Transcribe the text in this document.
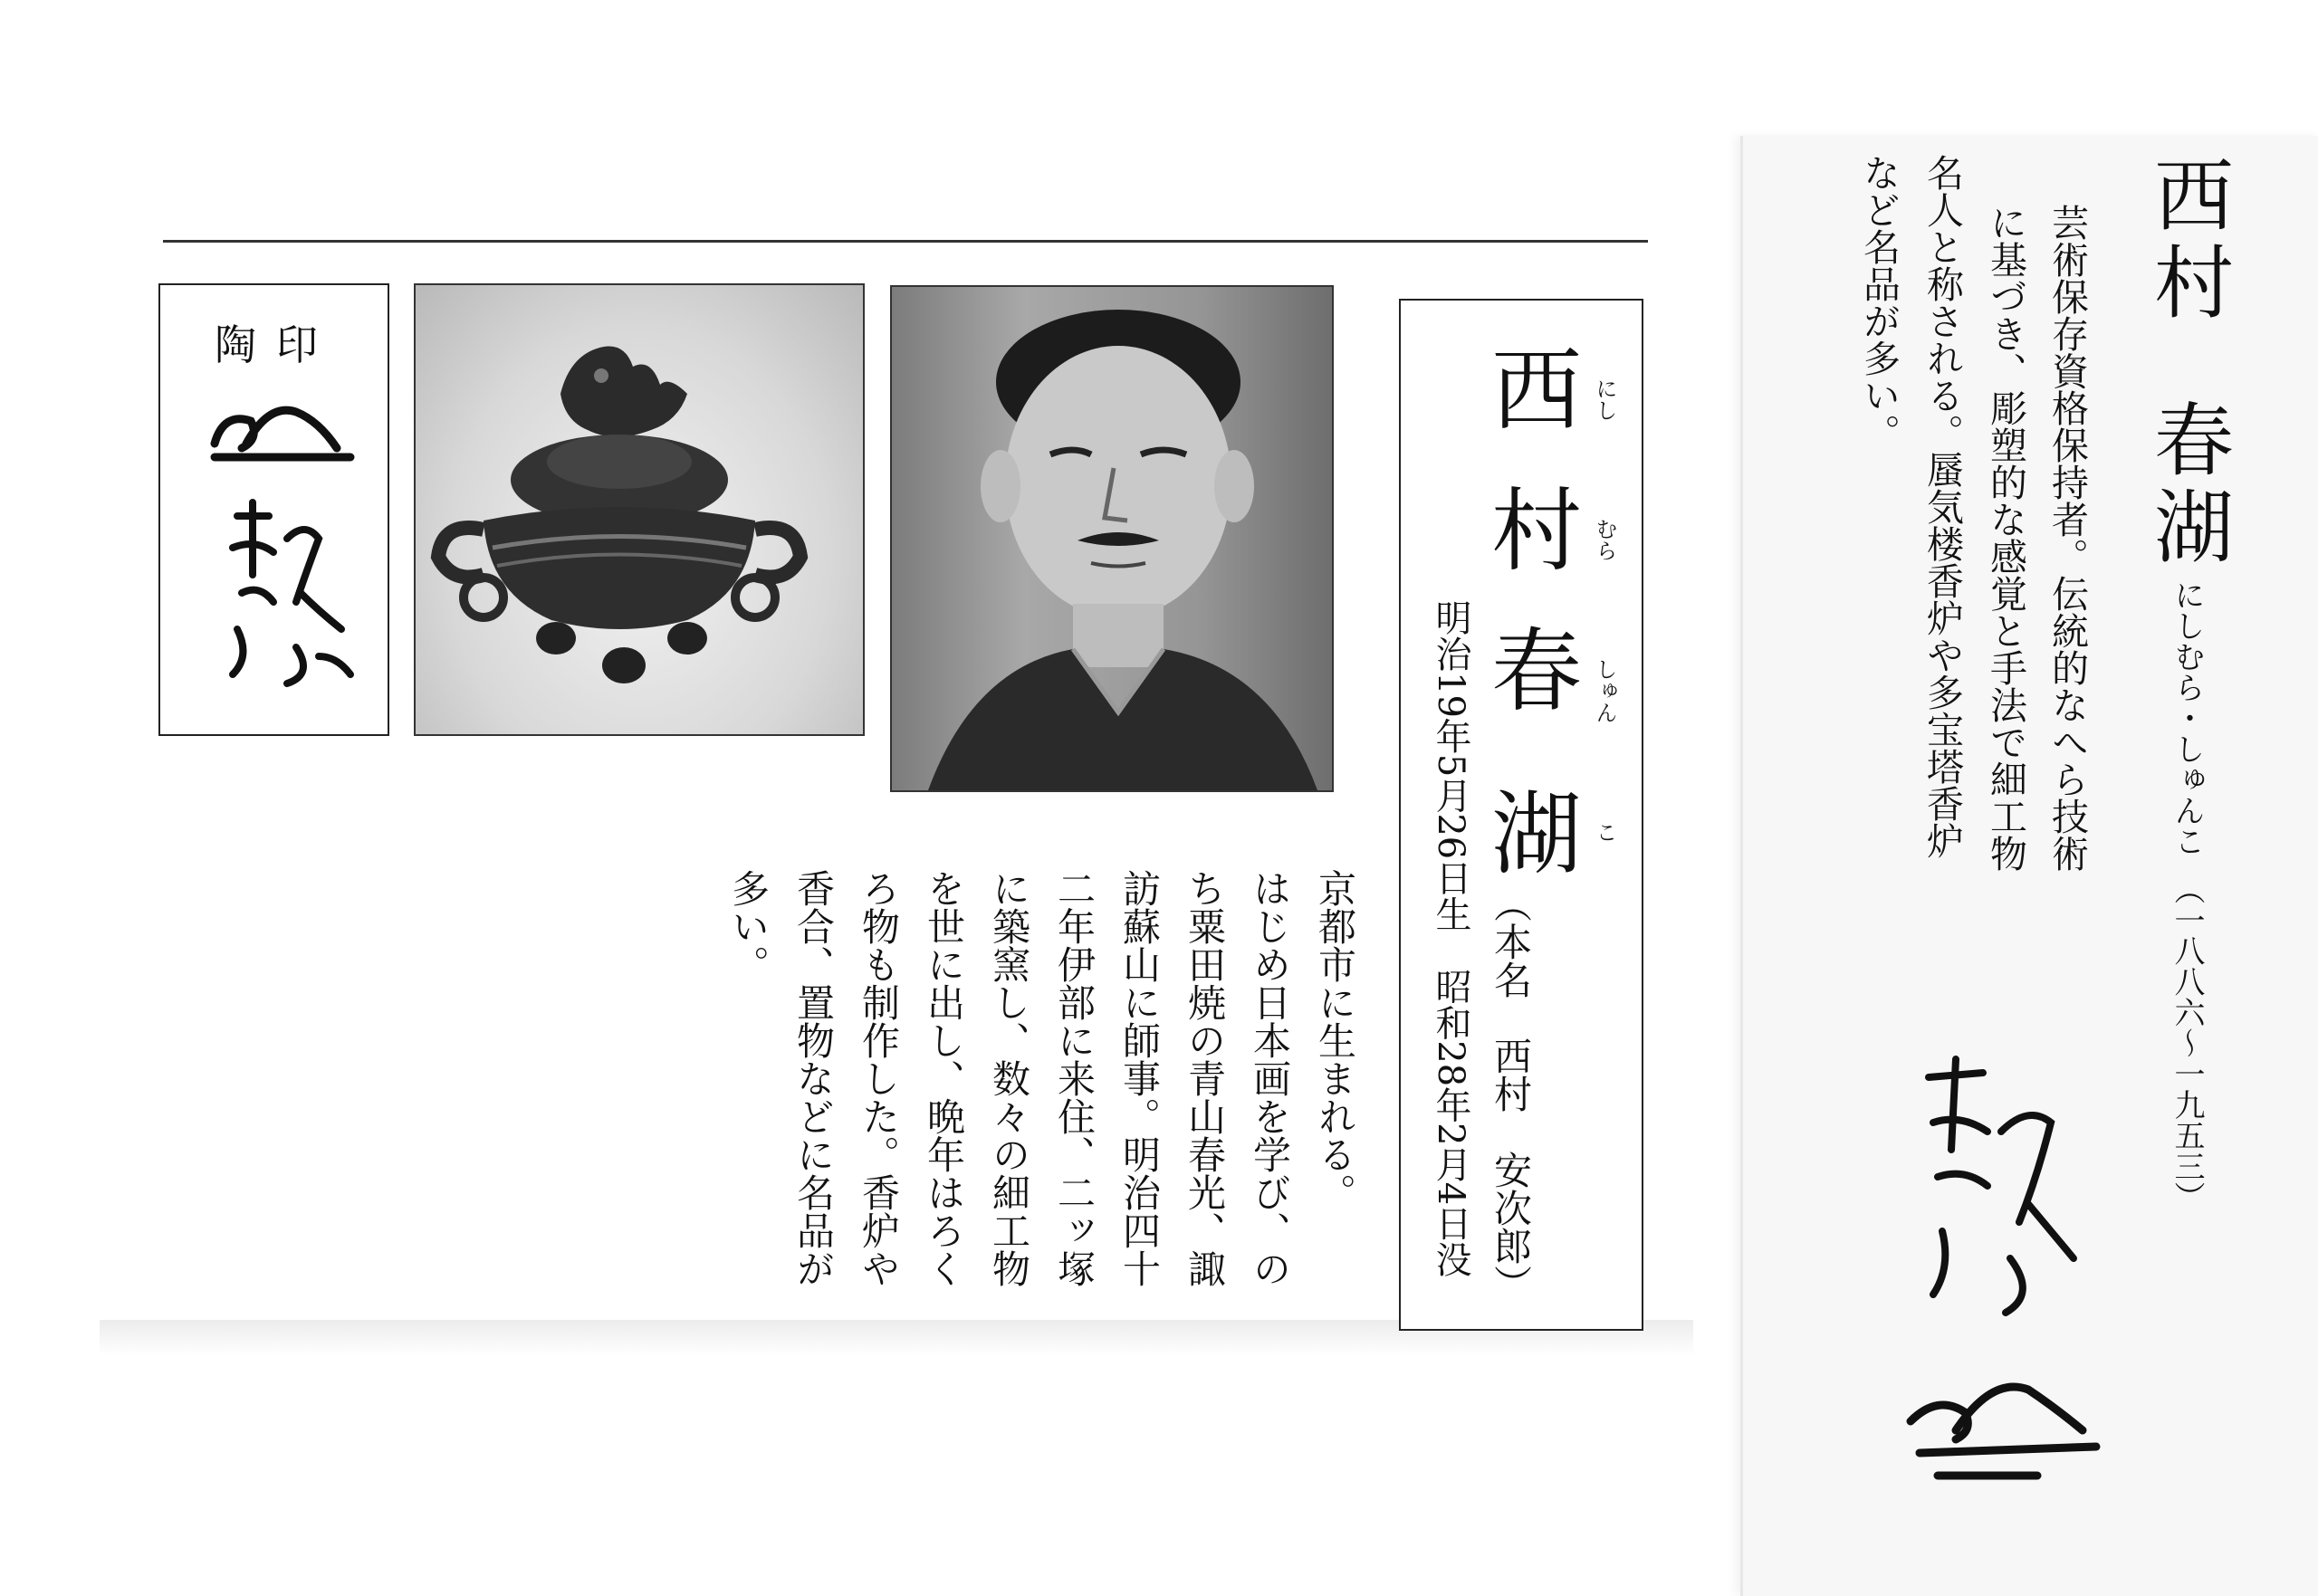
陶印	西
村
春
湖
にし
むら
しゅん
こ
明治19年5月26日生　昭和28年2月4日没 （本名　西村　安次郎）
京都市に生まれる。
はじめ日本画を学び、の
ち粟田焼の青山春光、諏
訪蘇山に師事。明治四十
二年伊部に来住、二ッ塚
に築窯し、数々の細工物
を世に出し、晩年はろく
ろ物も制作した。香炉や
香合、置物などに名品が
多い。
西村
春湖
にしむら・しゅんこ
（一八八六～一九五三）
芸術保存資格保持者。伝統的なへら技術
に基づき、彫塑的な感覚と手法で細工物
名人と称される。蜃気楼香炉や多宝塔香炉
など名品が多い。
